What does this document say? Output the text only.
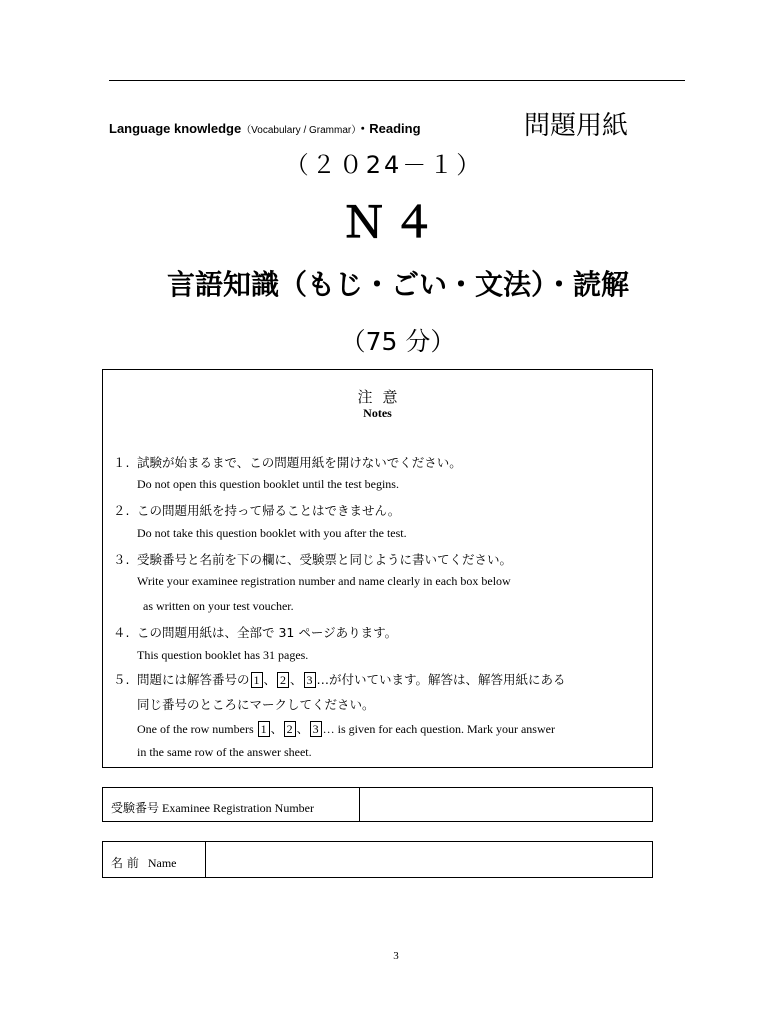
Language knowledge（Vocabulary / Grammar）・Reading	問題用紙
（２０24－１）
Ｎ４
言語知識（もじ・ごい・文法）・読解
（75 分）
注意
Notes
１. 試験が始まるまで、この問題用紙を開けないでください。
Do not open this question booklet until the test begins.
２. この問題用紙を持って帰ることはできません。
Do not take this question booklet with you after the test.
３. 受験番号と名前を下の欄に、受験票と同じように書いてください。
Write your examinee registration number and name clearly in each box below
as written on your test voucher.
４. この問題用紙は、全部で 31 ページあります。
This question booklet has 31 pages.
５. 問題には解答番号の 1 、 2 、 3 …が付いています。解答は、解答用紙にある
同じ番号のところにマークしてください。
One of the row numbers 1 、 2 、 3 … is given for each question. Mark your answer
in the same row of the answer sheet.
受験番号 Examinee Registration Number
名 前 Name
3
